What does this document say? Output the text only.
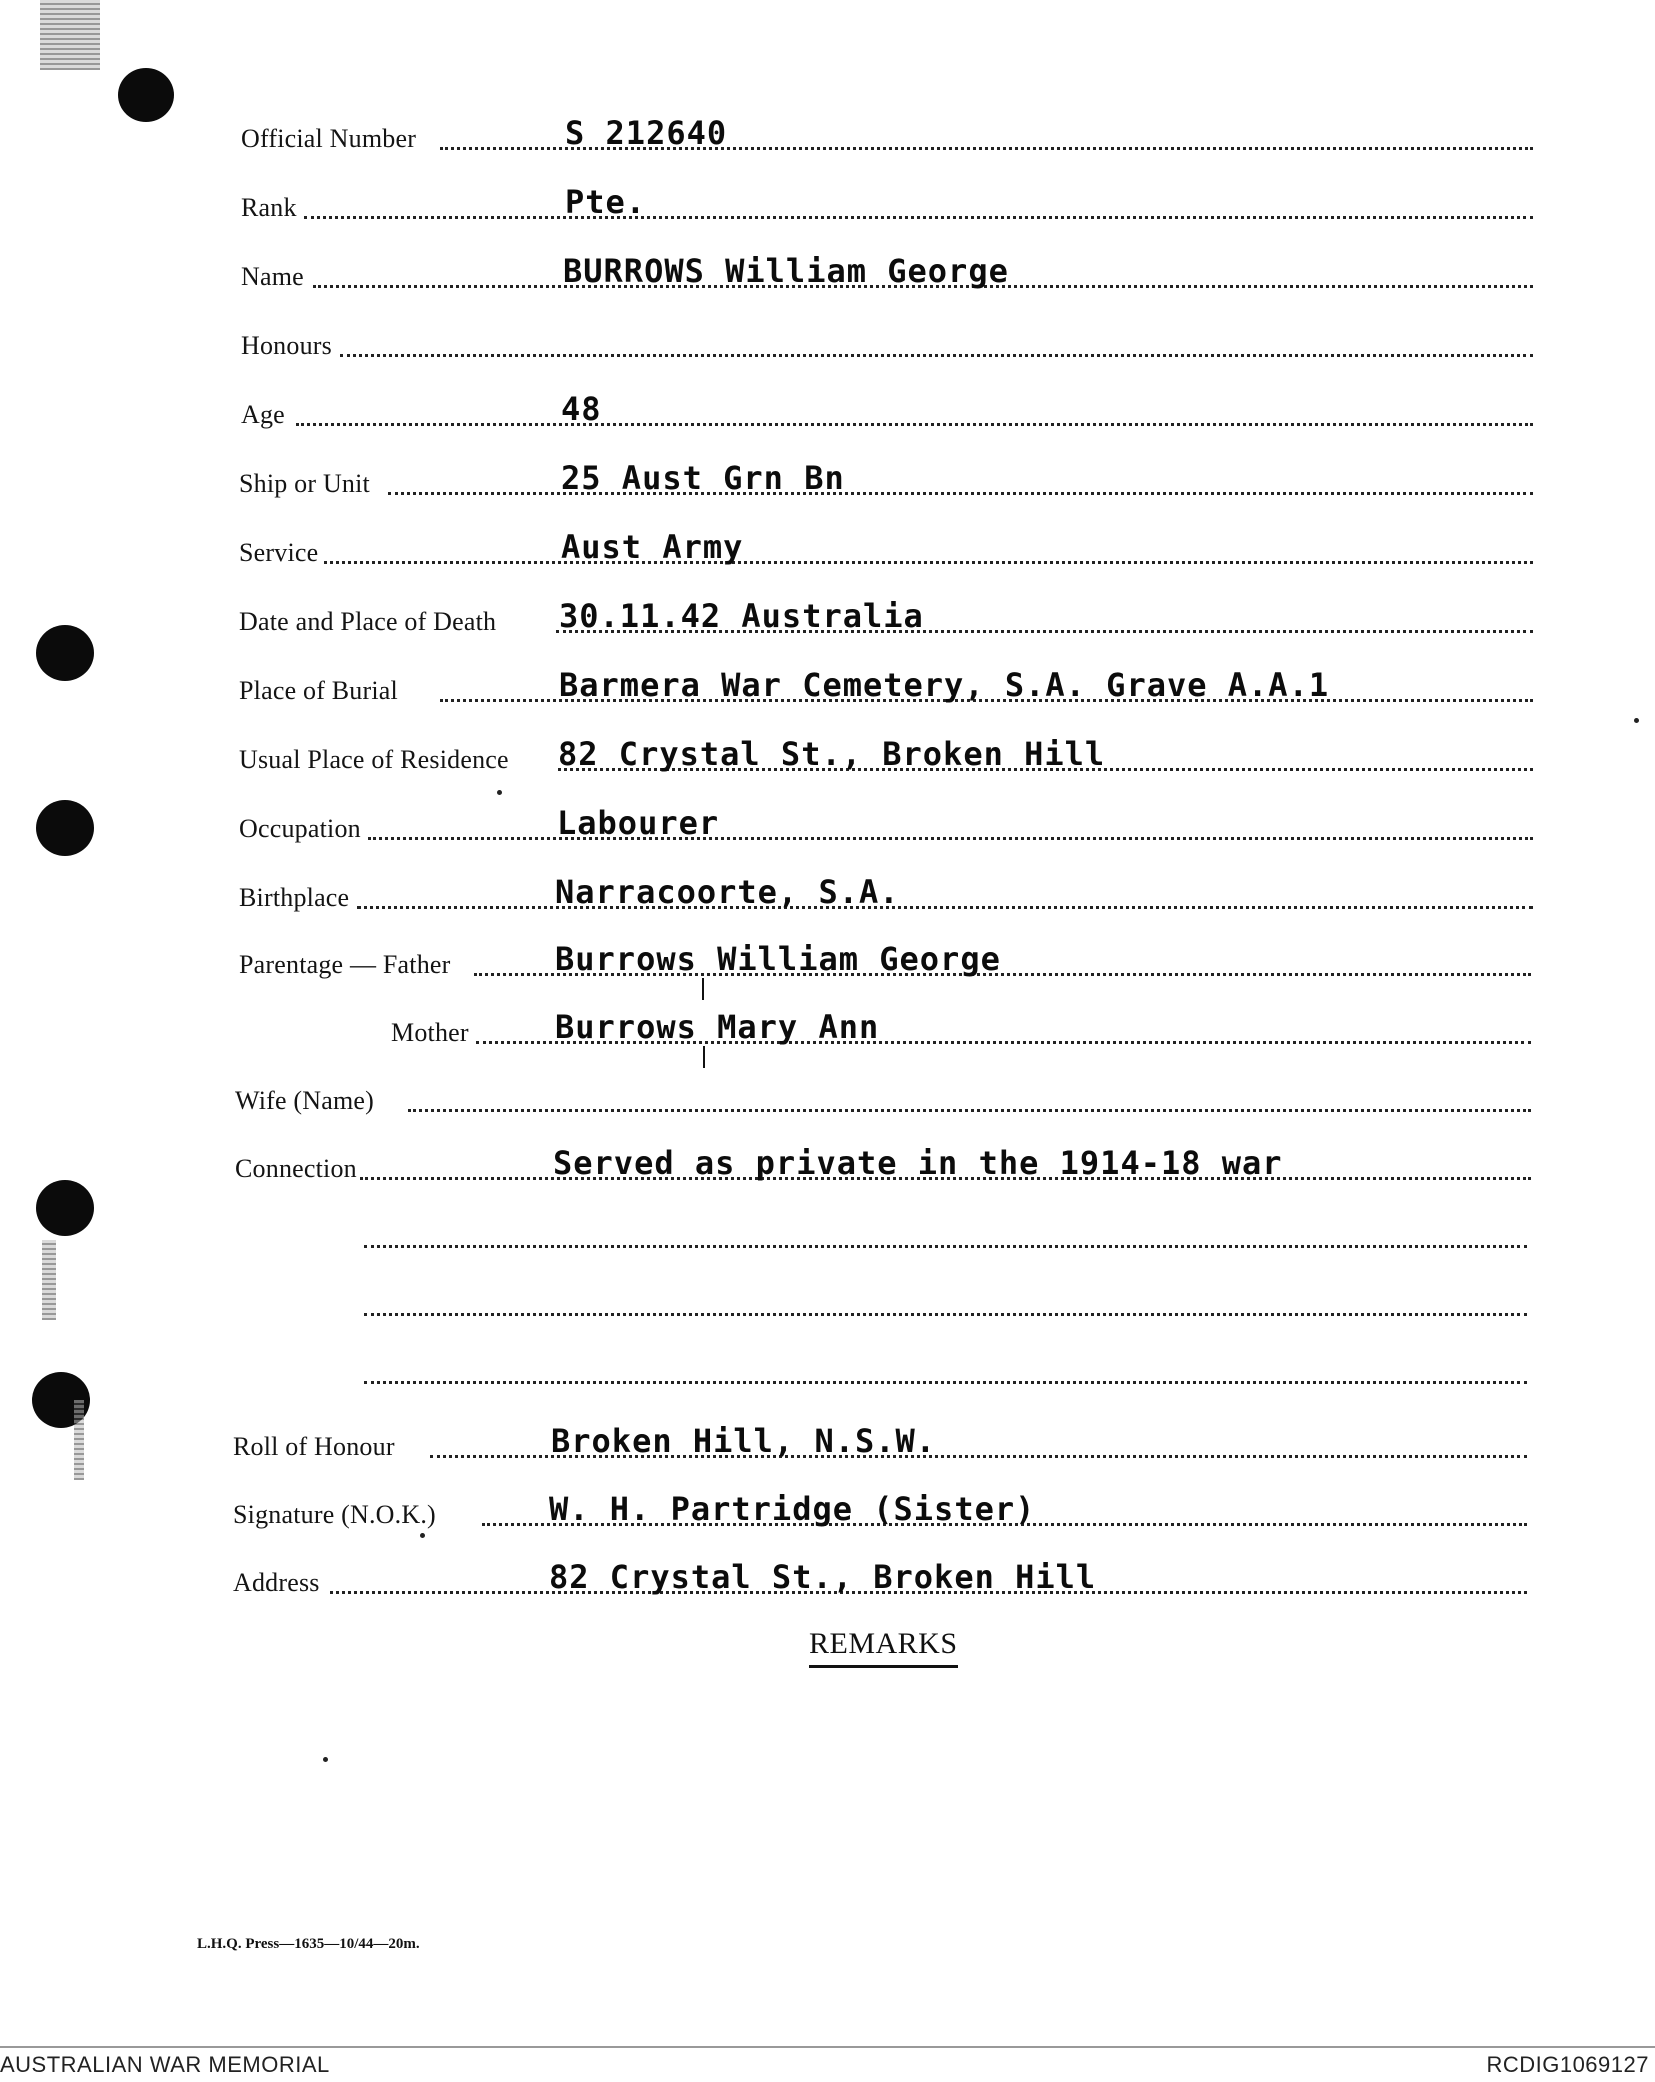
Official Number	S 212640
Rank	Pte.
Name	BURROWS William George
Honours
Age	48
Ship or Unit	25 Aust Grn Bn
Service	Aust Army
Date and Place of Death 30.11.42 Australia
Place of Burial	Barmera War Cemetery, S.A. Grave A.A.1
Usual Place of Residence 82 Crystal St., Broken Hill
Occupation	Labourer
Birthplace	Narracoorte, S.A.
Parentage — Father	Burrows William George
Mother	Burrows Mary Ann
Wife (Name)
Connection	Served as private in the 1914-18 war
Roll of Honour	Broken Hill, N.S.W.
Signature (N.O.K.)	W. H. Partridge (Sister)
Address	82 Crystal St., Broken Hill
REMARKS
L.H.Q. Press—1635—10/44—20m.
AUSTRALIAN WAR MEMORIAL	RCDIG1069127
